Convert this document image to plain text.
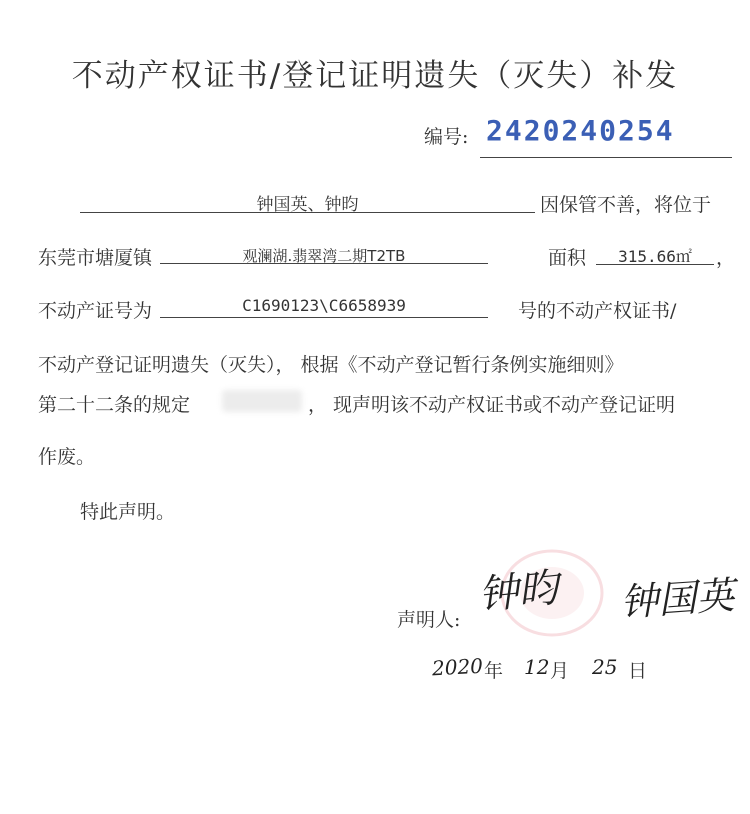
不动产权证书/登记证明遗失（灭失）补发
编号: 2420240254
钟国英、钟昀	因保管不善，将位于
东莞市塘厦镇	观澜湖.翡翠湾二期T2TB	面积	315.66㎡	，
不动产证号为	C1690123\C6658939	号的不动产权证书/
不动产登记证明遗失（灭失）， 根据《不动产登记暂行条例实施细则》
第二十二条的规定	， 现声明该不动产权证书或不动产登记证明
作废。
特此声明。
声明人:
钟昀 钟国英
2020 年 12 月 25 日
